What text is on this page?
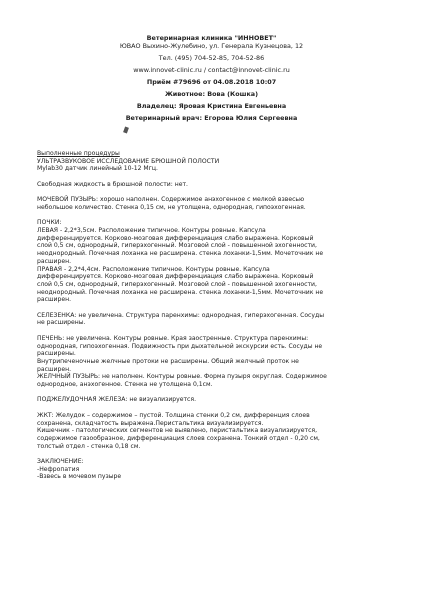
Ветеринарная клиника "ИННОВЕТ"
ЮВАО Выхино-Жулебино, ул. Генерала Кузнецова, 12
Тел. (495) 704-52-85, 704-52-86
www.innovet-clinic.ru / contact@innovet-clinic.ru
Приём #79696 от 04.08.2018 10:07
Животное: Вова (Кошка)
Владелец: Яровая Кристина Евгеньевна
Ветеринарный врач: Егорова Юлия Сергеевна
Выполненные процедуры
УЛЬТРАЗВУКОВОЕ ИССЛЕДОВАНИЕ БРЮШНОЙ ПОЛОСТИ
Mylab30 датчик линейный 10-12 Мгц.
Свободная жидкость в брюшной полости: нет.
МОЧЕВОЙ ПУЗЫРЬ: хорошо наполнен. Содержимое анэхогенное с мелкой взвесью
небольшое количество. Стенка 0,15 см, не утолщена, однородная, гипоэхогенная.
ПОЧКИ:
ЛЕВАЯ - 2,2*3,5см. Расположение типичное. Контуры ровные. Капсула
дифференцируется. Корково-мозговая дифференциация слабо выражена. Корковый
слой 0,5 см, однородный, гиперэхогенный. Мозговой слой - повышенной эхогенности,
неоднородный. Почечная лоханка не расширена. стенка лоханки-1,5мм. Мочеточник не
расширен.
ПРАВАЯ - 2,2*4,4см. Расположение типичное. Контуры ровные. Капсула
дифференцируется. Корково-мозговая дифференциация слабо выражена. Корковый
слой 0,5 см, однородный, гиперэхогенный. Мозговой слой - повышенной эхогенности,
неоднородный. Почечная лоханка не расширена. стенка лоханки-1,5мм. Мочеточник не
расширен.
СЕЛЕЗЕНКА: не увеличена. Структура паренхимы: однородная, гиперэхогенная. Сосуды
не расширены.
ПЕЧЕНЬ: не увеличена. Контуры ровные. Края заостренные. Структура паренхимы:
однородная, гипоэхогенная. Подвижность при дыхательной экскурсии есть. Сосуды не
расширены.
Внутрипеченочные желчные протоки не расширены. Общий желчный проток не
расширен.
ЖЕЛЧНЫЙ ПУЗЫРЬ: не наполнен. Контуры ровные. Форма пузыря округлая. Содержимое
однородное, анэхогенное. Стенка не утолщена 0,1см.
ПОДЖЕЛУДОЧНАЯ ЖЕЛЕЗА: не визуализируется.
ЖКТ: Желудок – содержимое – пустой. Толщина стенки 0,2 см, дифференция слоев
сохранена, складчатость выражена.Перистальтика визуализируется.
Кишечник - патологических сегментов не выявлено, перистальтика визуализируется,
содержимое газообразное, дифференциация слоев сохранена. Тонкий отдел - 0,20 см,
толстый отдел - стенка 0,18 см.
ЗАКЛЮЧЕНИЕ:
-Нефропатия
-Взвесь в мочевом пузыре
